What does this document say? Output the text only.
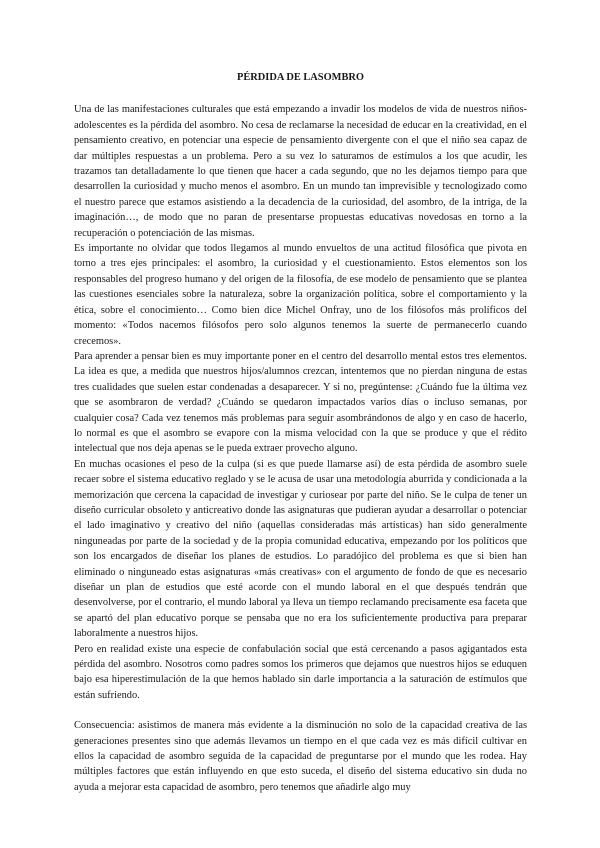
PÉRDIDA DE LASOMBRO

Una de las manifestaciones culturales que está empezando a invadir los modelos de vida de nuestros niños-adolescentes es la pérdida del asombro. No cesa de reclamarse la necesidad de educar en la creatividad, en el pensamiento creativo, en potenciar una especie de pensamiento divergente con el que el niño sea capaz de dar múltiples respuestas a un problema. Pero a su vez lo saturamos de estímulos a los que acudir, les trazamos tan detalladamente lo que tienen que hacer a cada segundo, que no les dejamos tiempo para que desarrollen la curiosidad y mucho menos el asombro. En un mundo tan imprevisible y tecnologizado como el nuestro parece que estamos asistiendo a la decadencia de la curiosidad, del asombro, de la intriga, de la imaginación…, de modo que no paran de presentarse propuestas educativas novedosas en torno a la recuperación o potenciación de las mismas.

Es importante no olvidar que todos llegamos al mundo envueltos de una actitud filosófica que pivota en torno a tres ejes principales: el asombro, la curiosidad y el cuestionamiento. Estos elementos son los responsables del progreso humano y del origen de la filosofía, de ese modelo de pensamiento que se plantea las cuestiones esenciales sobre la naturaleza, sobre la organización política, sobre el comportamiento y la ética, sobre el conocimiento… Como bien dice Michel Onfray, uno de los filósofos más prolíficos del momento: «Todos nacemos filósofos pero solo algunos tenemos la suerte de permanecerlo cuando crecemos».

Para aprender a pensar bien es muy importante poner en el centro del desarrollo mental estos tres elementos. La idea es que, a medida que nuestros hijos/alumnos crezcan, intentemos que no pierdan ninguna de estas tres cualidades que suelen estar condenadas a desaparecer. Y si no, pregúntense: ¿Cuándo fue la última vez que se asombraron de verdad? ¿Cuándo se quedaron impactados varios días o incluso semanas, por cualquier cosa? Cada vez tenemos más problemas para seguir asombrándonos de algo y en caso de hacerlo, lo normal es que el asombro se evapore con la misma velocidad con la que se produce y que el rédito intelectual que nos deja apenas se le pueda extraer provecho alguno.

En muchas ocasiones el peso de la culpa (si es que puede llamarse así) de esta pérdida de asombro suele recaer sobre el sistema educativo reglado y se le acusa de usar una metodología aburrida y condicionada a la memorización que cercena la capacidad de investigar y curiosear por parte del niño. Se le culpa de tener un diseño curricular obsoleto y anticreativo donde las asignaturas que pudieran ayudar a desarrollar o potenciar el lado imaginativo y creativo del niño (aquellas consideradas más artísticas) han sido generalmente ninguneadas por parte de la sociedad y de la propia comunidad educativa, empezando por los políticos que son los encargados de diseñar los planes de estudios. Lo paradójico del problema es que si bien han eliminado o ninguneado estas asignaturas «más creativas» con el argumento de fondo de que es necesario diseñar un plan de estudios que esté acorde con el mundo laboral en el que después tendrán que desenvolverse, por el contrario, el mundo laboral ya lleva un tiempo reclamando precisamente esa faceta que se apartó del plan educativo porque se pensaba que no era los suficientemente productiva para preparar laboralmente a nuestros hijos.

Pero en realidad existe una especie de confabulación social que está cercenando a pasos agigantados esta pérdida del asombro. Nosotros como padres somos los primeros que dejamos que nuestros hijos se eduquen bajo esa hiperestimulación de la que hemos hablado sin darle importancia a la saturación de estímulos que están sufriendo.

Consecuencia: asistimos de manera más evidente a la disminución no solo de la capacidad creativa de las generaciones presentes sino que además llevamos un tiempo en el que cada vez es más difícil cultivar en ellos la capacidad de asombro seguida de la capacidad de preguntarse por el mundo que les rodea. Hay múltiples factores que están influyendo en que esto suceda, el diseño del sistema educativo sin duda no ayuda a mejorar esta capacidad de asombro, pero tenemos que añadirle algo muy
